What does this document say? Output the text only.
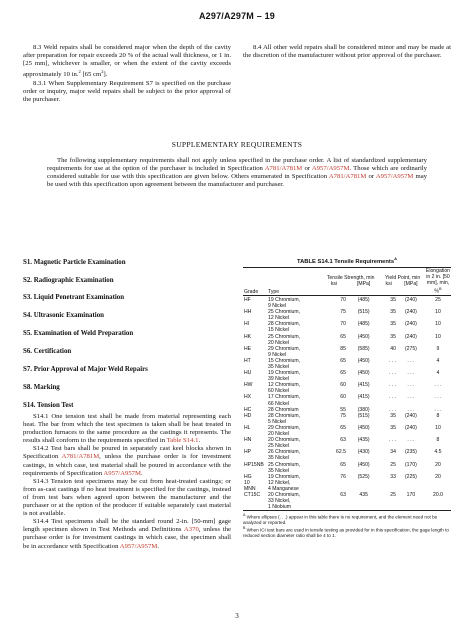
A297/A297M – 19

8.3 Weld repairs shall be considered major when the depth of the cavity after preparation for repair exceeds 20 % of the actual wall thickness, or 1 in. [25 mm], whichever is smaller, or when the extent of the cavity exceeds approximately 10 in.$^2$ [65 $cm^2$].

8.3.1 When Supplementary Requirement S7 is specified on the purchase order or inquiry, major weld repairs shall be subject to the prior approval of the purchaser.

8.4 All other weld repairs shall be considered minor and may be made at the discretion of the manufacturer without prior approval of the purchaser.

SUPPLEMENTARY REQUIREMENTS

The following supplementary requirements shall not apply unless specified in the purchase order. A list of standardized supplementary requirements for use at the option of the purchaser is included in Specification A781/A781M or A957/A957M. Those which are ordinarily considered suitable for use with this specification are given below. Others enumerated in Specification A781/A781M or A957/A957M may be used with this specification upon agreement between the manufacturer and purchaser.

S1. Magnetic Particle Examination
S2. Radiographic Examination
S3. Liquid Penetrant Examination
S4. Ultrasonic Examination
S5. Examination of Weld Preparation
S6. Certification
S7. Prior Approval of Major Weld Repairs
S8. Marking
S14. Tension Test

S14.1 One tension test shall be made from material representing each heat. The bar from which the test specimen is taken shall be heat treated in production furnaces to the same procedure as the castings it represents. The results shall conform to the requirements specified in Table S14.1.

S14.2 Test bars shall be poured in separately cast keel blocks shown in Specification A781/A781M, unless the purchase order is for investment castings, in which case, test material shall be poured in accordance with the requirements of Specification A957/A957M.

S14.3 Tension test specimens may be cut from heat-treated castings; or from as-cast castings if no heat treatment is specified for the castings, instead of from test bars when agreed upon between the manufacturer and the purchaser or at the option of the producer if suitable separately cast material is not available.

S14.4 Test specimens shall be the standard round 2-in. [50-mm] gage length specimen shown in Test Methods and Definitions A370, unless the purchase order is for investment castings in which case, the specimen shall be in accordance with Specification A957/A957M.

TABLE S14.1 Tensile Requirements$^A$
Grade	Type	Tensile Strength, min		Yield Point, min		Elongation in 2 in. [50 mm], min, %$^B$
		ksi	[MPa]	ksi	[MPa]	

HF	19 Chromium,
9 Nickel	70	(485)	35	(240)	25
HH	25 Chromium,
12 Nickel	75	(515)	35	(240)	10
HI	28 Chromium,
15 Nickel	70	(485)	35	(240)	10
HK	25 Chromium,
20 Nickel	65	(450)	35	(240)	10
HE	29 Chromium,
9 Nickel	85	(585)	40	(275)	9
HT	15 Chromium,
35 Nickel	65	(450)	. . .	. . .	4
HU	19 Chromium,
39 Nickel	65	(450)	. . .	. . .	4
HW	12 Chromium,
60 Nickel	60	(415)	. . .	. . .	. . .
HX	17 Chromium,
66 Nickel	60	(415)	. . .	. . .	. . .
HC	28 Chromium	55	(380)	. . .	. . .	. . .
HD	28 Chromium,
5 Nickel	75	(515)	35	(240)	8
HL	29 Chromium,
20 Nickel	65	(450)	35	(240)	10
HN	20 Chromium,
25 Nickel	63	(435)	. . .	. . .	8
HP	26 Chromium,
35 Nickel	62.5	(430)	34	(235)	4.5
HP15NB	25 Chromium,
35 Nickel	65	(450)	25	(170)	20
HG
10
MNN	19 Chromium,
12 Nickel,
4 Manganese	76	(525)	33	(225)	20
CT15C	20 Chromium,
33 Nickel,
1 Niobium	63	435	25	170	20.0

$^A$ Where ellipses (. . .) appear in this table there is no requirement, and the element need not be analyzed or reported.
$^B$ When ICI test bars are used in tensile testing as provided for in this specification, the gage length to reduced section diameter ratio shall be 4 to 1.
3
